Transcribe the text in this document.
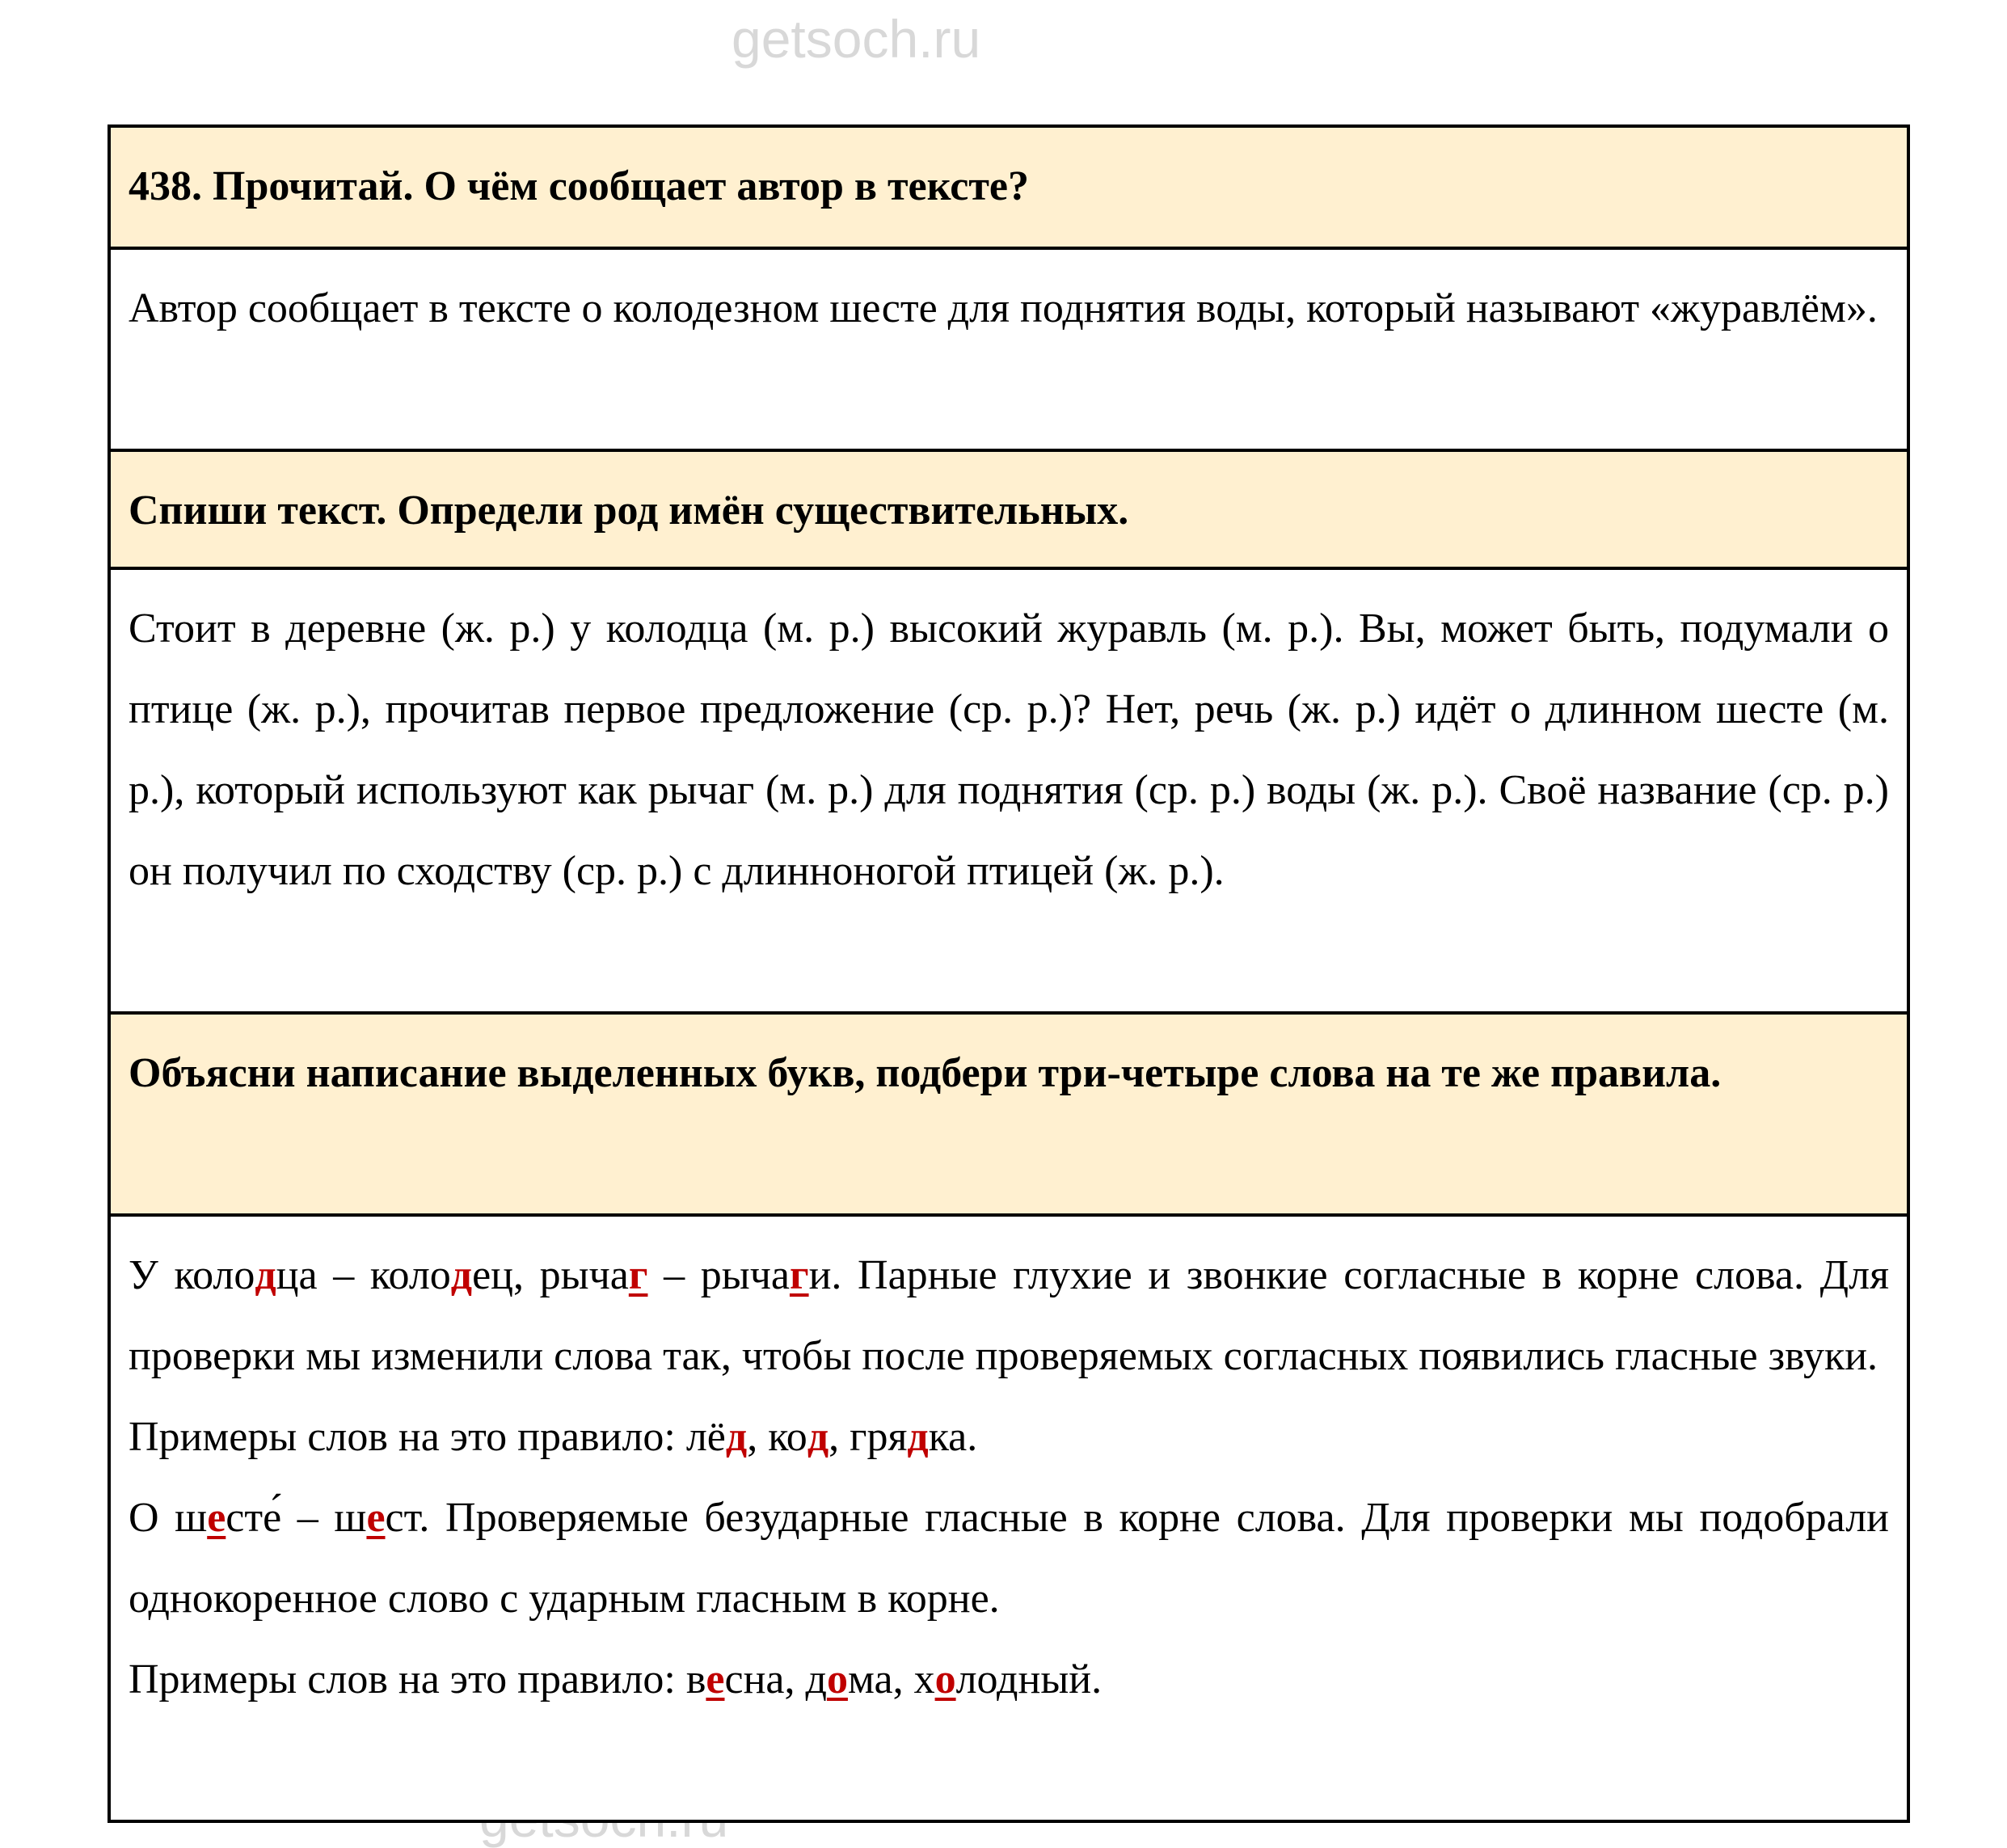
getsoch.ru
438. Прочитай. О чём сообщает автор в тексте?

Автор сообщает в тексте о колодезном шесте для поднятия воды, который называют «журавлём».

Спиши текст. Определи род имён существительных.

Стоит в деревне (ж. р.) у колодца (м. р.) высокий журавль (м. р.). Вы, может быть, подумали о птице (ж. р.), прочитав первое предложение (ср. р.)? Нет, речь (ж. р.) идёт о длинном шесте (м. р.), который используют как рычаг (м. р.) для поднятия (ср. р.) воды (ж. р.). Своё название (ср. р.) он получил по сходству (ср. р.) с длинноногой птицей (ж. р.).

Объясни написание выделенных букв, подбери три-четыре слова на те же правила.

У колодца – колодец, рычаг – рычаги. Парные глухие и звонкие согласные в корне слова. Для проверки мы изменили слова так, чтобы после проверяемых согласных появились гласные звуки.

Примеры слов на это правило: лёд, код, грядка.

О шесте́ – шест. Проверяемые безударные гласные в корне слова. Для проверки мы подобрали однокоренное слово с ударным гласным в корне.

Примеры слов на это правило: весна, дома, холодный.
